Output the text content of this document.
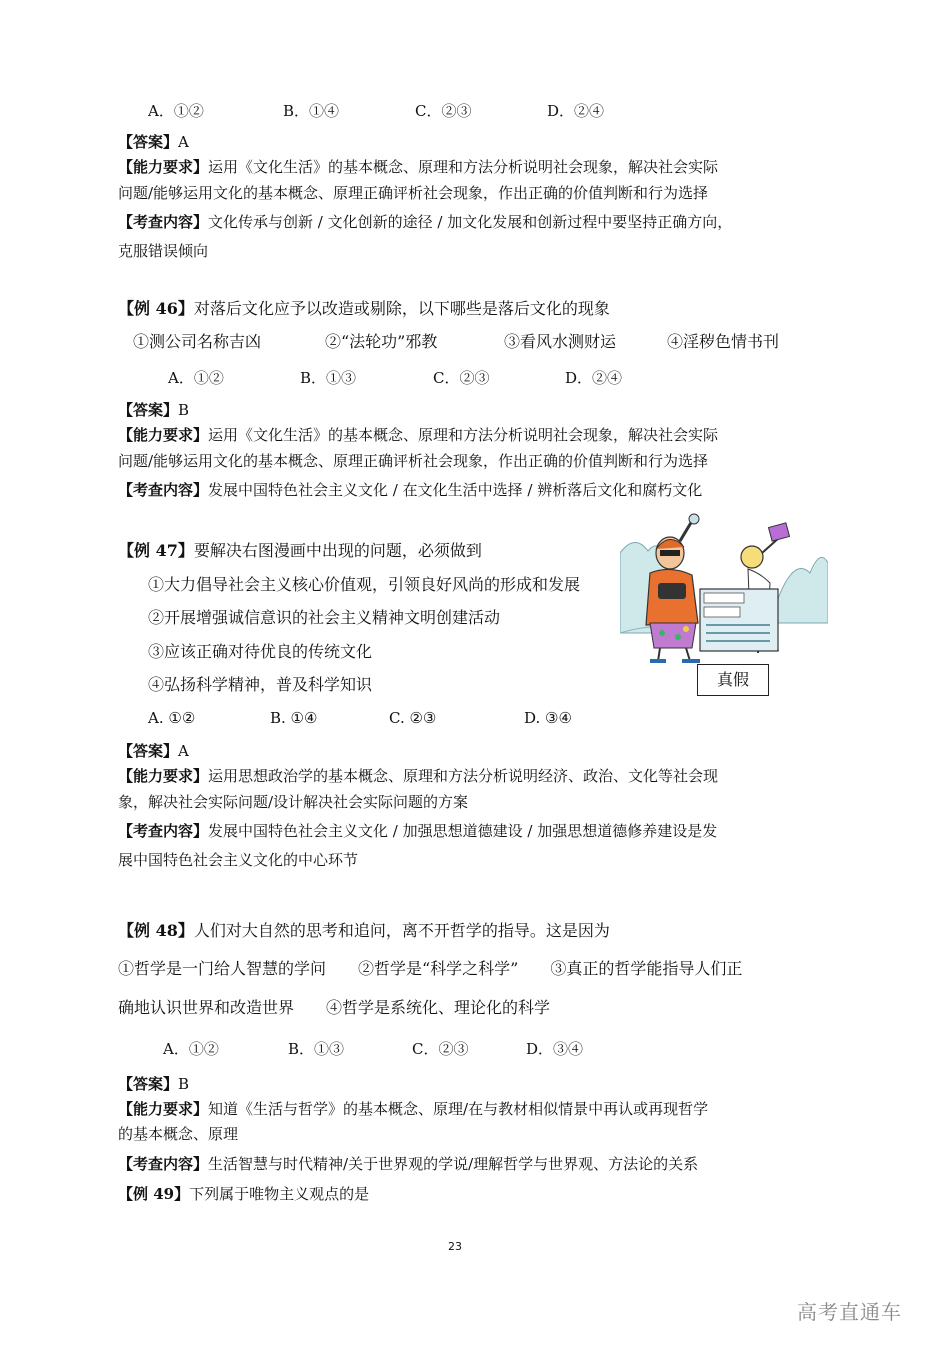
A．①②	B．①④	C．②③	D．②④
【答案】A
【能力要求】运用《文化生活》的基本概念、原理和方法分析说明社会现象，解决社会实际
问题/能够运用文化的基本概念、原理正确评析社会现象，作出正确的价值判断和行为选择
【考查内容】文化传承与创新 / 文化创新的途径 / 加文化发展和创新过程中要坚持正确方向，
克服错误倾向
【例 46】对落后文化应予以改造或剔除，以下哪些是落后文化的现象
①测公司名称吉凶	②“法轮功”邪教	③看风水测财运	④淫秽色情书刊
A．①②	B．①③	C．②③	D．②④
【答案】B
【能力要求】运用《文化生活》的基本概念、原理和方法分析说明社会现象，解决社会实际
问题/能够运用文化的基本概念、原理正确评析社会现象，作出正确的价值判断和行为选择
【考查内容】发展中国特色社会主义文化 / 在文化生活中选择 / 辨析落后文化和腐朽文化
【例 47】要解决右图漫画中出现的问题，必须做到
①大力倡导社会主义核心价值观，引领良好风尚的形成和发展
②开展增强诚信意识的社会主义精神文明创建活动
③应该正确对待优良的传统文化
④弘扬科学精神，普及科学知识
A. ①②	B. ①④	C. ②③	D. ③④
真假
【答案】A
【能力要求】运用思想政治学的基本概念、原理和方法分析说明经济、政治、文化等社会现
象，解决社会实际问题/设计解决社会实际问题的方案
【考查内容】发展中国特色社会主义文化 / 加强思想道德建设 / 加强思想道德修养建设是发
展中国特色社会主义文化的中心环节
【例 48】人们对大自然的思考和追问，离不开哲学的指导。这是因为
①哲学是一门给人智慧的学问　　②哲学是“科学之科学”　　③真正的哲学能指导人们正
确地认识世界和改造世界　　④哲学是系统化、理论化的科学
A．①②	B．①③	C．②③	D．③④
【答案】B
【能力要求】知道《生活与哲学》的基本概念、原理/在与教材相似情景中再认或再现哲学
的基本概念、原理
【考查内容】生活智慧与时代精神/关于世界观的学说/理解哲学与世界观、方法论的关系
【例 49】下列属于唯物主义观点的是
23
高考直通车
